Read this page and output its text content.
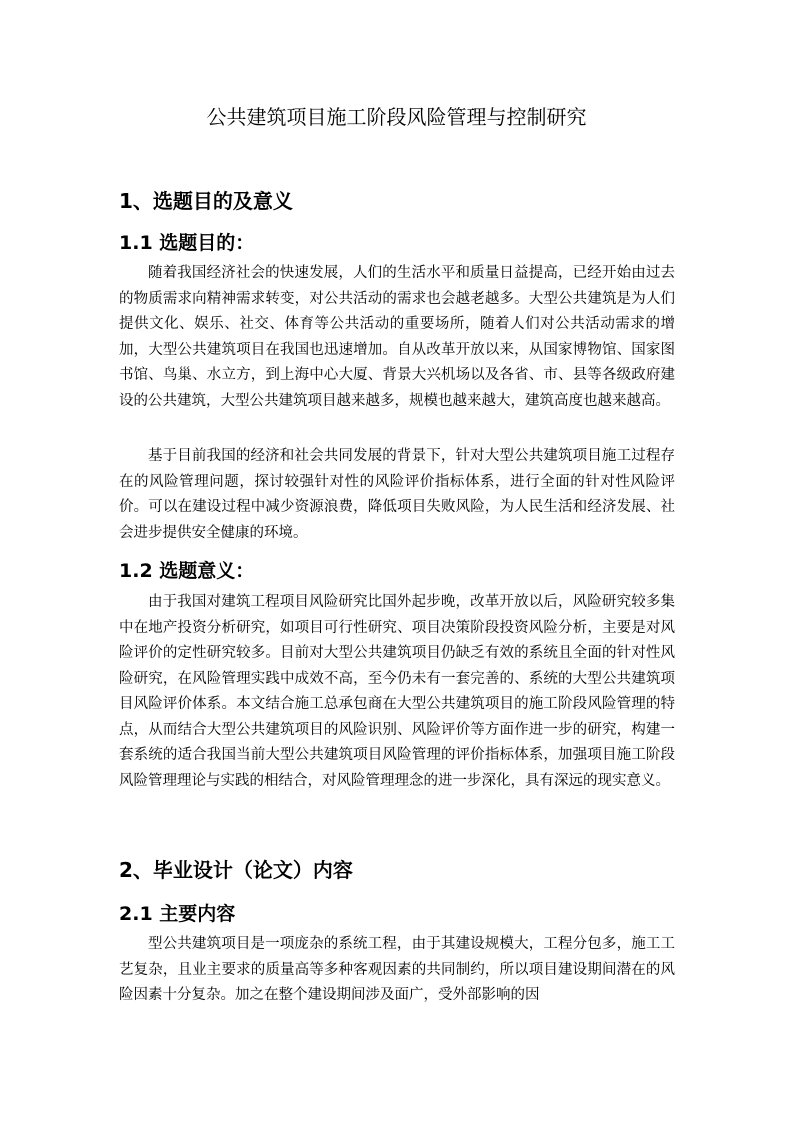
公共建筑项目施工阶段风险管理与控制研究
1、选题目的及意义
1.1 选题目的：

随着我国经济社会的快速发展，人们的生活水平和质量日益提高，已经开始由过去的物质需求向精神需求转变，对公共活动的需求也会越老越多。大型公共建筑是为人们提供文化、娱乐、社交、体育等公共活动的重要场所，随着人们对公共活动需求的增加，大型公共建筑项目在我国也迅速增加。自从改革开放以来，从国家博物馆、国家图书馆、鸟巢、水立方，到上海中心大厦、背景大兴机场以及各省、市、县等各级政府建设的公共建筑，大型公共建筑项目越来越多，规模也越来越大，建筑高度也越来越高。

基于目前我国的经济和社会共同发展的背景下，针对大型公共建筑项目施工过程存在的风险管理问题，探讨较强针对性的风险评价指标体系，进行全面的针对性风险评价。可以在建设过程中减少资源浪费，降低项目失败风险，为人民生活和经济发展、社会进步提供安全健康的环境。

1.2 选题意义：

由于我国对建筑工程项目风险研究比国外起步晚，改革开放以后，风险研究较多集中在地产投资分析研究，如项目可行性研究、项目决策阶段投资风险分析，主要是对风险评价的定性研究较多。目前对大型公共建筑项目仍缺乏有效的系统且全面的针对性风险研究，在风险管理实践中成效不高，至今仍未有一套完善的、系统的大型公共建筑项目风险评价体系。本文结合施工总承包商在大型公共建筑项目的施工阶段风险管理的特点，从而结合大型公共建筑项目的风险识别、风险评价等方面作进一步的研究，构建一套系统的适合我国当前大型公共建筑项目风险管理的评价指标体系，加强项目施工阶段风险管理理论与实践的相结合，对风险管理理念的进一步深化，具有深远的现实意义。

2、毕业设计（论文）内容
2.1 主要内容

型公共建筑项目是一项庞杂的系统工程，由于其建设规模大，工程分包多，施工工艺复杂，且业主要求的质量高等多种客观因素的共同制约，所以项目建设期间潜在的风险因素十分复杂。加之在整个建设期间涉及面广，受外部影响的因
